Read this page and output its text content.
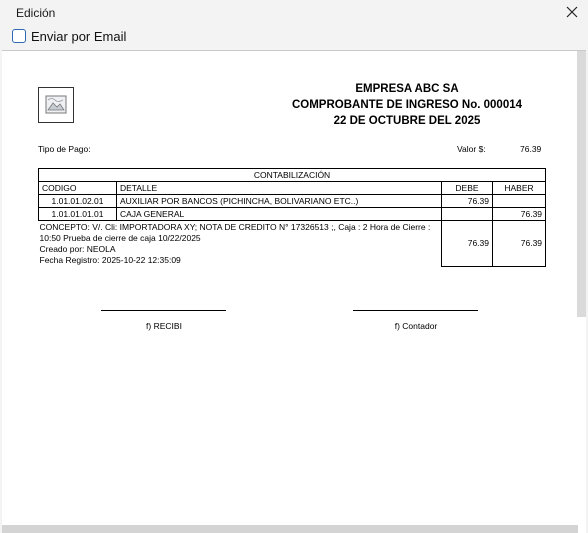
Edición
Enviar por Email
EMPRESA ABC SA
COMPROBANTE DE INGRESO No. 000014
22 DE OCTUBRE DEL 2025
Tipo de Pago:	Valor $:	76.39
CONTABILIZACIÓN			
CODIGO	DETALLE	DEBE	HABER
1.01.01.02.01	AUXILIAR POR BANCOS (PICHINCHA, BOLIVARIANO ETC..)	76.39	
1.01.01.01.01	CAJA GENERAL		76.39

CONCEPTO: V/. Cli: IMPORTADORA XY; NOTA DE CREDITO N° 17326513 ;, Caja : 2 Hora de Cierre : 10:50 Prueba de cierre de caja 10/22/2025
Creado por: NEOLA
Fecha Registro: 2025-10-22 12:35:09		76.39	76.39
f) RECIBI	f) Contador
